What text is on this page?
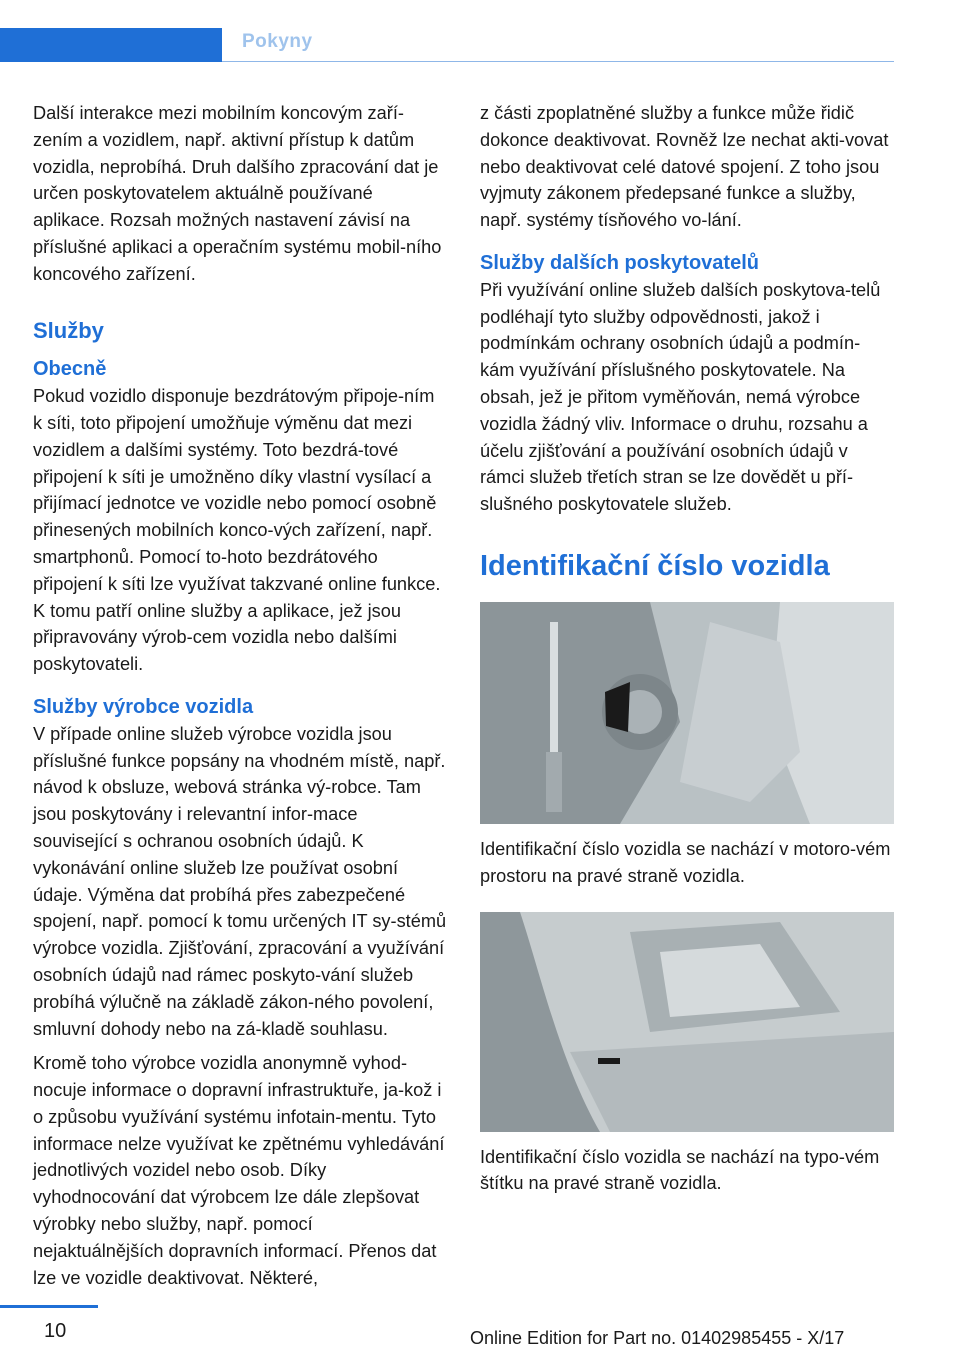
Pokyny

Další interakce mezi mobilním koncovým zaří-zením a vozidlem, např. aktivní přístup k datům vozidla, neprobíhá. Druh dalšího zpracování dat je určen poskytovatelem aktuálně používané aplikace. Rozsah možných nastavení závisí na příslušné aplikaci a operačním systému mobil-ního koncového zařízení.

Služby
Obecně

Pokud vozidlo disponuje bezdrátovým připoje-ním k síti, toto připojení umožňuje výměnu dat mezi vozidlem a dalšími systémy. Toto bezdrá-tové připojení k síti je umožněno díky vlastní vysílací a přijímací jednotce ve vozidle nebo pomocí osobně přinesených mobilních konco-vých zařízení, např. smartphonů. Pomocí to-hoto bezdrátového připojení k síti lze využívat takzvané online funkce. K tomu patří online služby a aplikace, jež jsou připravovány výrob-cem vozidla nebo dalšími poskytovateli.

Služby výrobce vozidla

V případe online služeb výrobce vozidla jsou příslušné funkce popsány na vhodném místě, např. návod k obsluze, webová stránka vý-robce. Tam jsou poskytovány i relevantní infor-mace související s ochranou osobních údajů. K vykonávání online služeb lze používat osobní údaje. Výměna dat probíhá přes zabezpečené spojení, např. pomocí k tomu určených IT sy-stémů výrobce vozidla. Zjišťování, zpracování a využívání osobních údajů nad rámec poskyto-vání služeb probíhá výlučně na základě zákon-ného povolení, smluvní dohody nebo na zá-kladě souhlasu.

Kromě toho výrobce vozidla anonymně vyhod-nocuje informace o dopravní infrastruktuře, ja-kož i o způsobu využívání systému infotain-mentu. Tyto informace nelze využívat ke zpětnému vyhledávání jednotlivých vozidel nebo osob. Díky vyhodnocování dat výrobcem lze dále zlepšovat výrobky nebo služby, např. pomocí nejaktuálnějších dopravních informací. Přenos dat lze ve vozidle deaktivovat. Některé,

z části zpoplatněné služby a funkce může řidič dokonce deaktivovat. Rovněž lze nechat akti-vovat nebo deaktivovat celé datové spojení. Z toho jsou vyjmuty zákonem předepsané funkce a služby, např. systémy tísňového vo-lání.

Služby dalších poskytovatelů

Při využívání online služeb dalších poskytova-telů podléhají tyto služby odpovědnosti, jakož i podmínkám ochrany osobních údajů a podmín-kám využívání příslušného poskytovatele. Na obsah, jež je přitom vyměňován, nemá výrobce vozidla žádný vliv. Informace o druhu, rozsahu a účelu zjišťování a používání osobních údajů v rámci služeb třetích stran se lze dovědět u pří-slušného poskytovatele služeb.

Identifikační číslo vozidla

Identifikační číslo vozidla se nachází v motoro-vém prostoru na pravé straně vozidla.

Identifikační číslo vozidla se nachází na typo-vém štítku na pravé straně vozidla.

10	Online Edition for Part no. 01402985455 - X/17
